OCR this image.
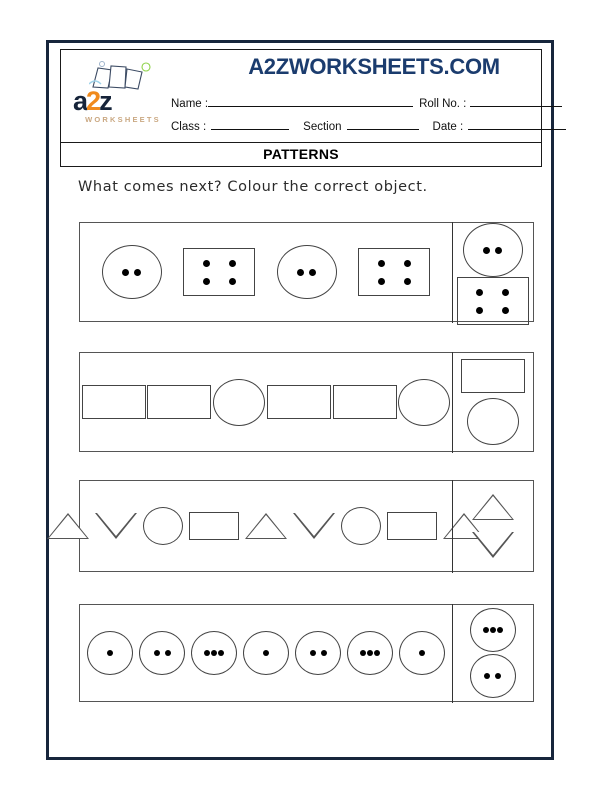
a2z
WORKSHEETS
A2ZWORKSHEETS.COM
Name :	Roll No. :
Class :	Section	Date :
PATTERNS
What comes next? Colour the correct object.
